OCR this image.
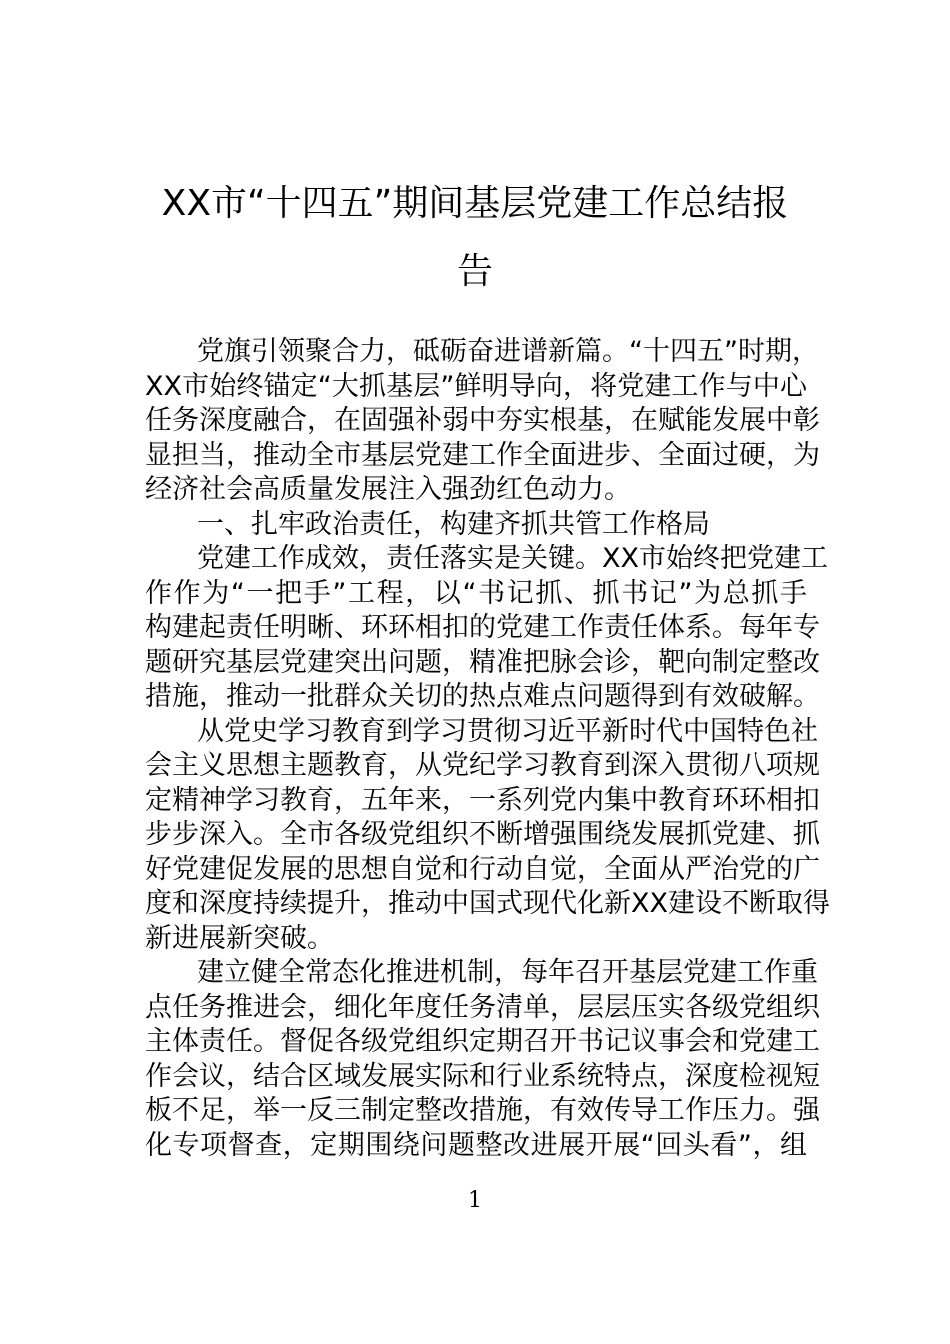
XX市“十四五”期间基层党建工作总结报
告
党旗引领聚合力，砥砺奋进谱新篇。“十四五”时期，
XX市始终锚定“大抓基层”鲜明导向，将党建工作与中心
任务深度融合，在固强补弱中夯实根基，在赋能发展中彰
显担当，推动全市基层党建工作全面进步、全面过硬，为
经济社会高质量发展注入强劲红色动力。
一、扎牢政治责任，构建齐抓共管工作格局
党建工作成效，责任落实是关键。XX市始终把党建工
作作为“一把手”工程，以“书记抓、抓书记”为总抓手
构建起责任明晰、环环相扣的党建工作责任体系。每年专
题研究基层党建突出问题，精准把脉会诊，靶向制定整改
措施，推动一批群众关切的热点难点问题得到有效破解。
从党史学习教育到学习贯彻习近平新时代中国特色社
会主义思想主题教育，从党纪学习教育到深入贯彻八项规
定精神学习教育，五年来，一系列党内集中教育环环相扣
步步深入。全市各级党组织不断增强围绕发展抓党建、抓
好党建促发展的思想自觉和行动自觉，全面从严治党的广
度和深度持续提升，推动中国式现代化新XX建设不断取得
新进展新突破。
建立健全常态化推进机制，每年召开基层党建工作重
点任务推进会，细化年度任务清单，层层压实各级党组织
主体责任。督促各级党组织定期召开书记议事会和党建工
作会议，结合区域发展实际和行业系统特点，深度检视短
板不足，举一反三制定整改措施，有效传导工作压力。强
化专项督查，定期围绕问题整改进展开展“回头看”，组
1
